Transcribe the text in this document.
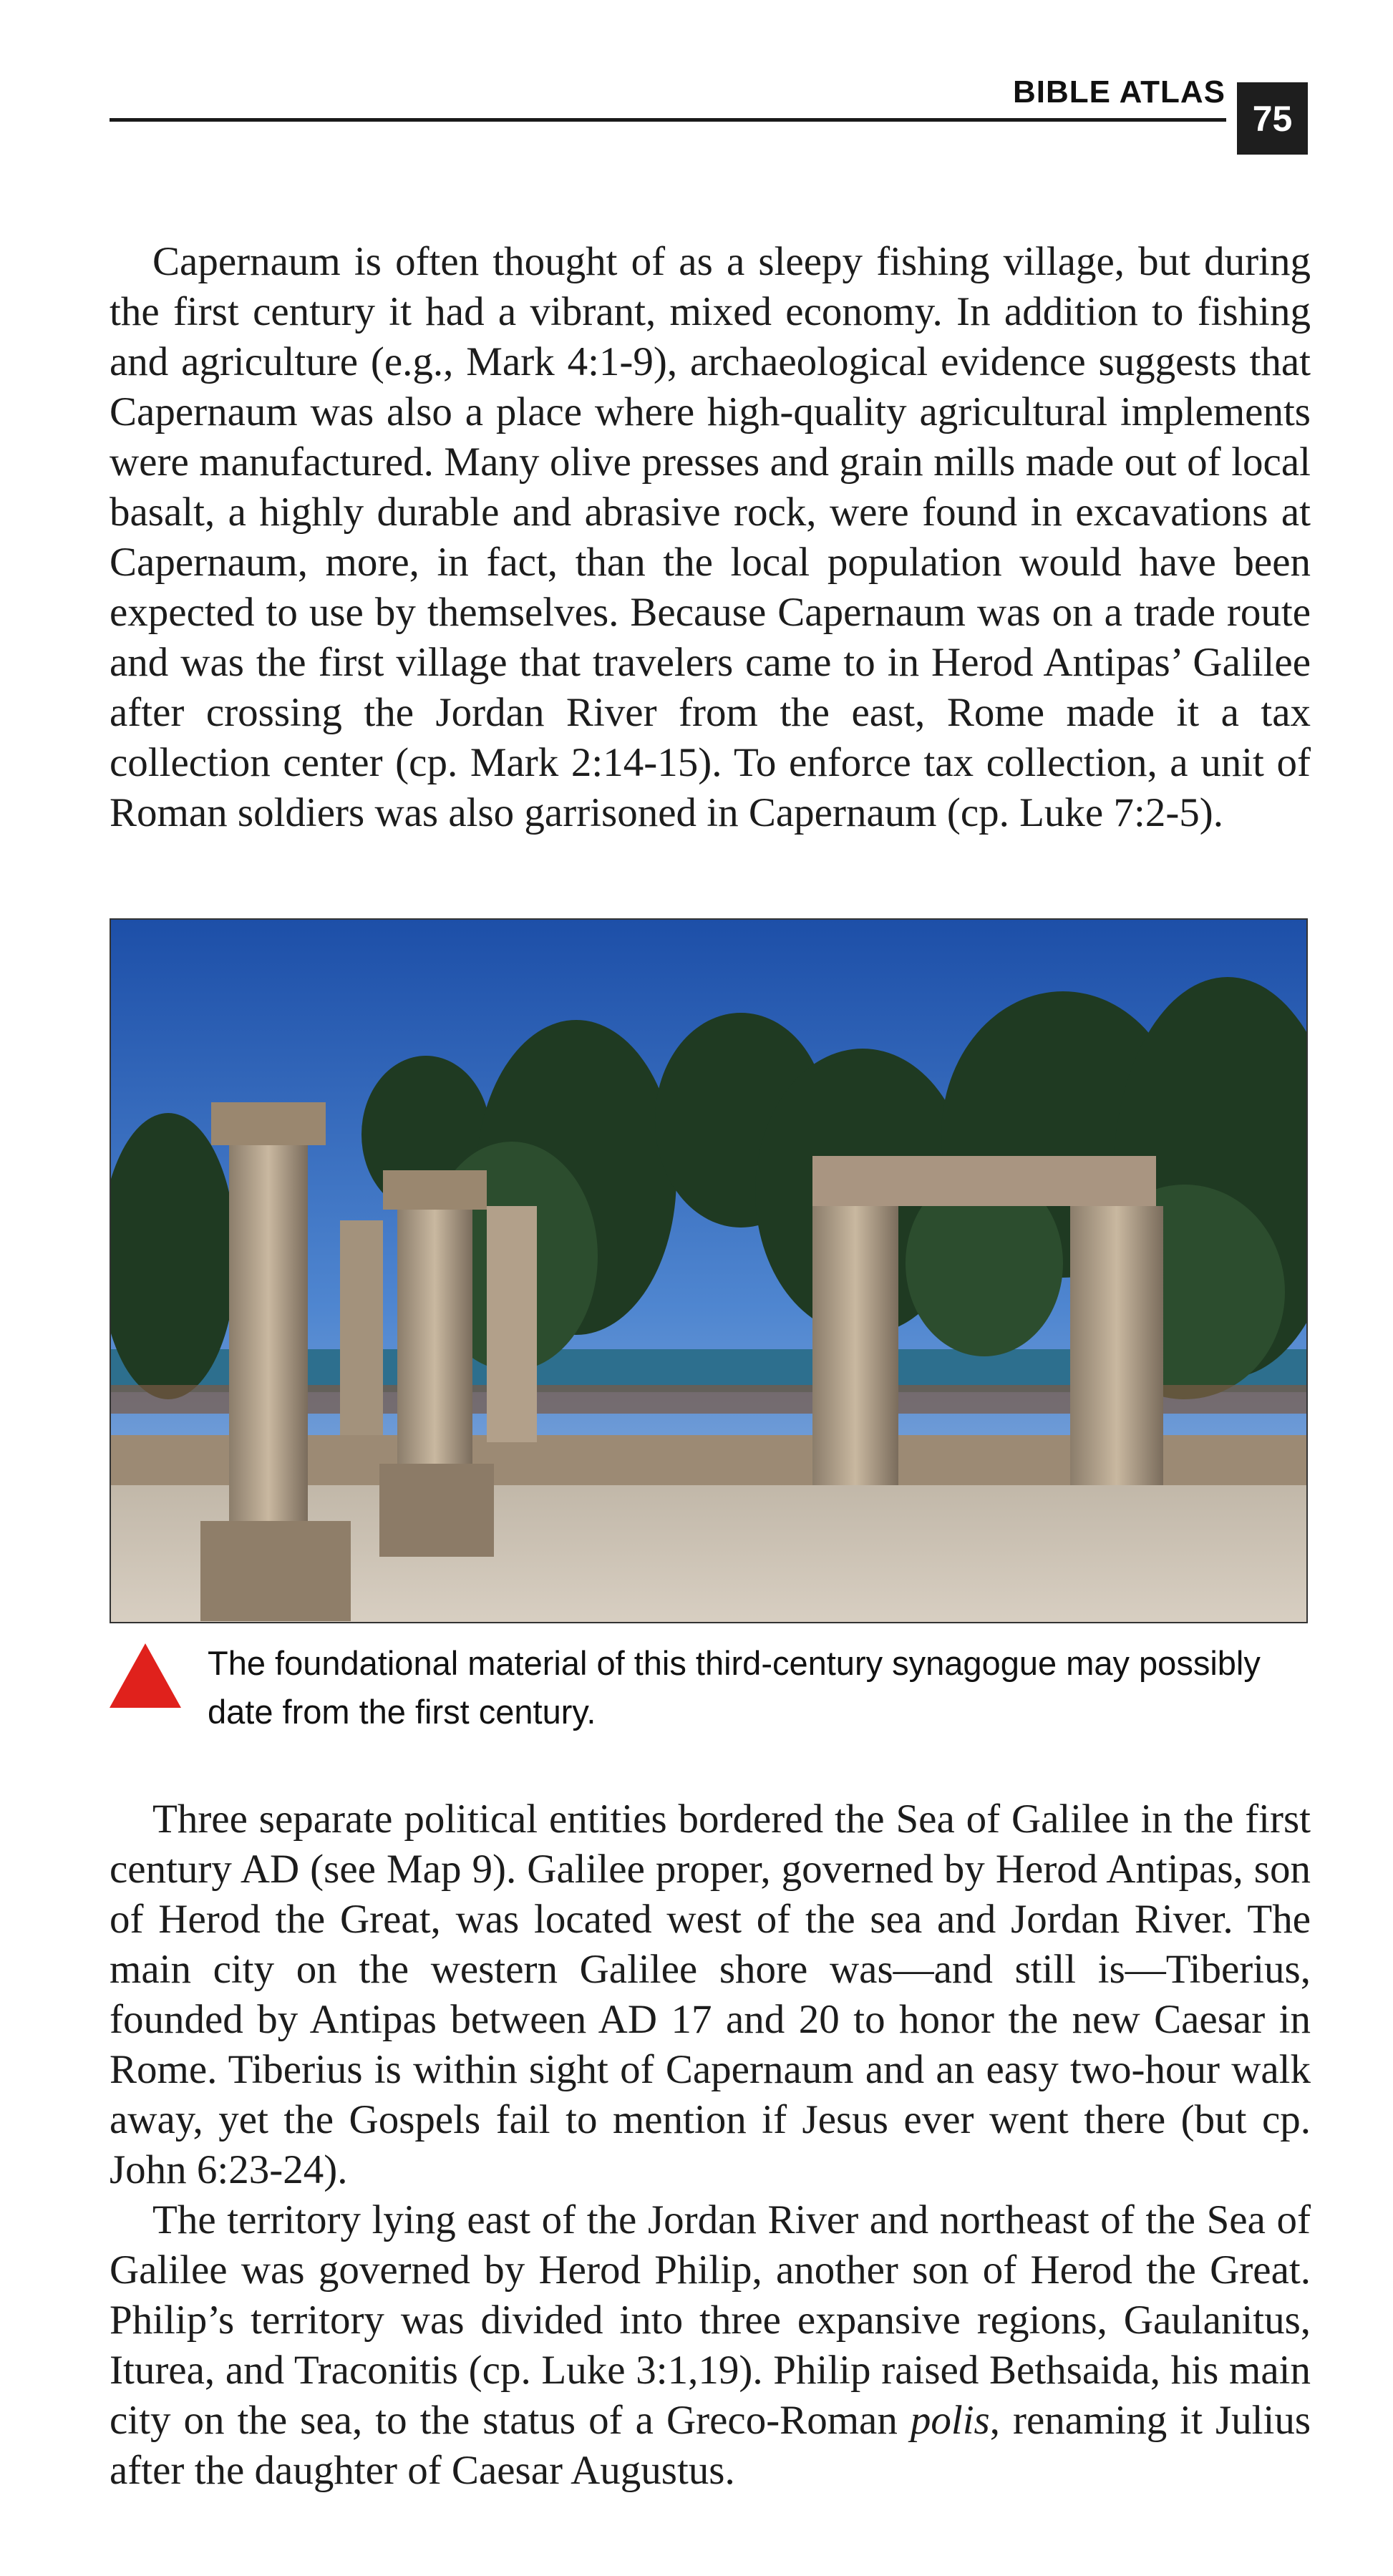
BIBLE ATLAS
75

Capernaum is often thought of as a sleepy fishing village, but during the first century it had a vibrant, mixed economy. In addition to fishing and agriculture (e.g., Mark 4:1-9), archaeological evidence suggests that Capernaum was also a place where high-quality agricultural implements were manufactured. Many olive presses and grain mills made out of local basalt, a highly durable and abrasive rock, were found in excavations at Capernaum, more, in fact, than the local population would have been expected to use by themselves. Because Capernaum was on a trade route and was the first village that travelers came to in Herod Antipas’ Galilee after crossing the Jordan River from the east, Rome made it a tax collection center (cp. Mark 2:14-15). To enforce tax collection, a unit of Roman soldiers was also garrisoned in Capernaum (cp. Luke 7:2-5).

The foundational material of this third-century synagogue may possibly date from the first century.

Three separate political entities bordered the Sea of Galilee in the first century AD (see Map 9). Galilee proper, governed by Herod Antipas, son of Herod the Great, was located west of the sea and Jordan River. The main city on the western Galilee shore was—and still is—Tiberius, founded by Antipas between AD 17 and 20 to honor the new Caesar in Rome. Tiberius is within sight of Capernaum and an easy two-hour walk away, yet the Gospels fail to mention if Jesus ever went there (but cp. John 6:23-24).

The territory lying east of the Jordan River and northeast of the Sea of Galilee was governed by Herod Philip, another son of Herod the Great. Philip’s territory was divided into three expansive regions, Gaulanitus, Iturea, and Traconitis (cp. Luke 3:1,19). Philip raised Bethsaida, his main city on the sea, to the status of a Greco-Roman polis, renaming it Julius after the daughter of Caesar Augustus.
